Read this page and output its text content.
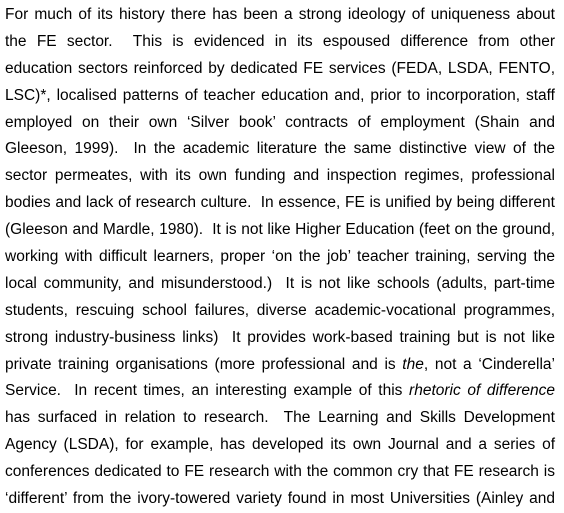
For much of its history there has been a strong ideology of uniqueness about
the FE sector.  This is evidenced in its espoused difference from other
education sectors reinforced by dedicated FE services (FEDA, LSDA, FENTO,
LSC)*, localised patterns of teacher education and, prior to incorporation, staff
employed on their own ‘Silver book’ contracts of employment (Shain and
Gleeson, 1999).  In the academic literature the same distinctive view of the
sector permeates, with its own funding and inspection regimes, professional
bodies and lack of research culture.  In essence, FE is unified by being different
(Gleeson and Mardle, 1980).  It is not like Higher Education (feet on the ground,
working with difficult learners, proper ‘on the job’ teacher training, serving the
local community, and misunderstood.)  It is not like schools (adults, part-time
students, rescuing school failures, diverse academic-vocational programmes,
strong industry-business links)  It provides work-based training but is not like
private training organisations (more professional and is the, not a ‘Cinderella’
Service.  In recent times, an interesting example of this rhetoric of difference
has surfaced in relation to research.  The Learning and Skills Development
Agency (LSDA), for example, has developed its own Journal and a series of
conferences dedicated to FE research with the common cry that FE research is
‘different’ from the ivory-towered variety found in most Universities (Ainley and
